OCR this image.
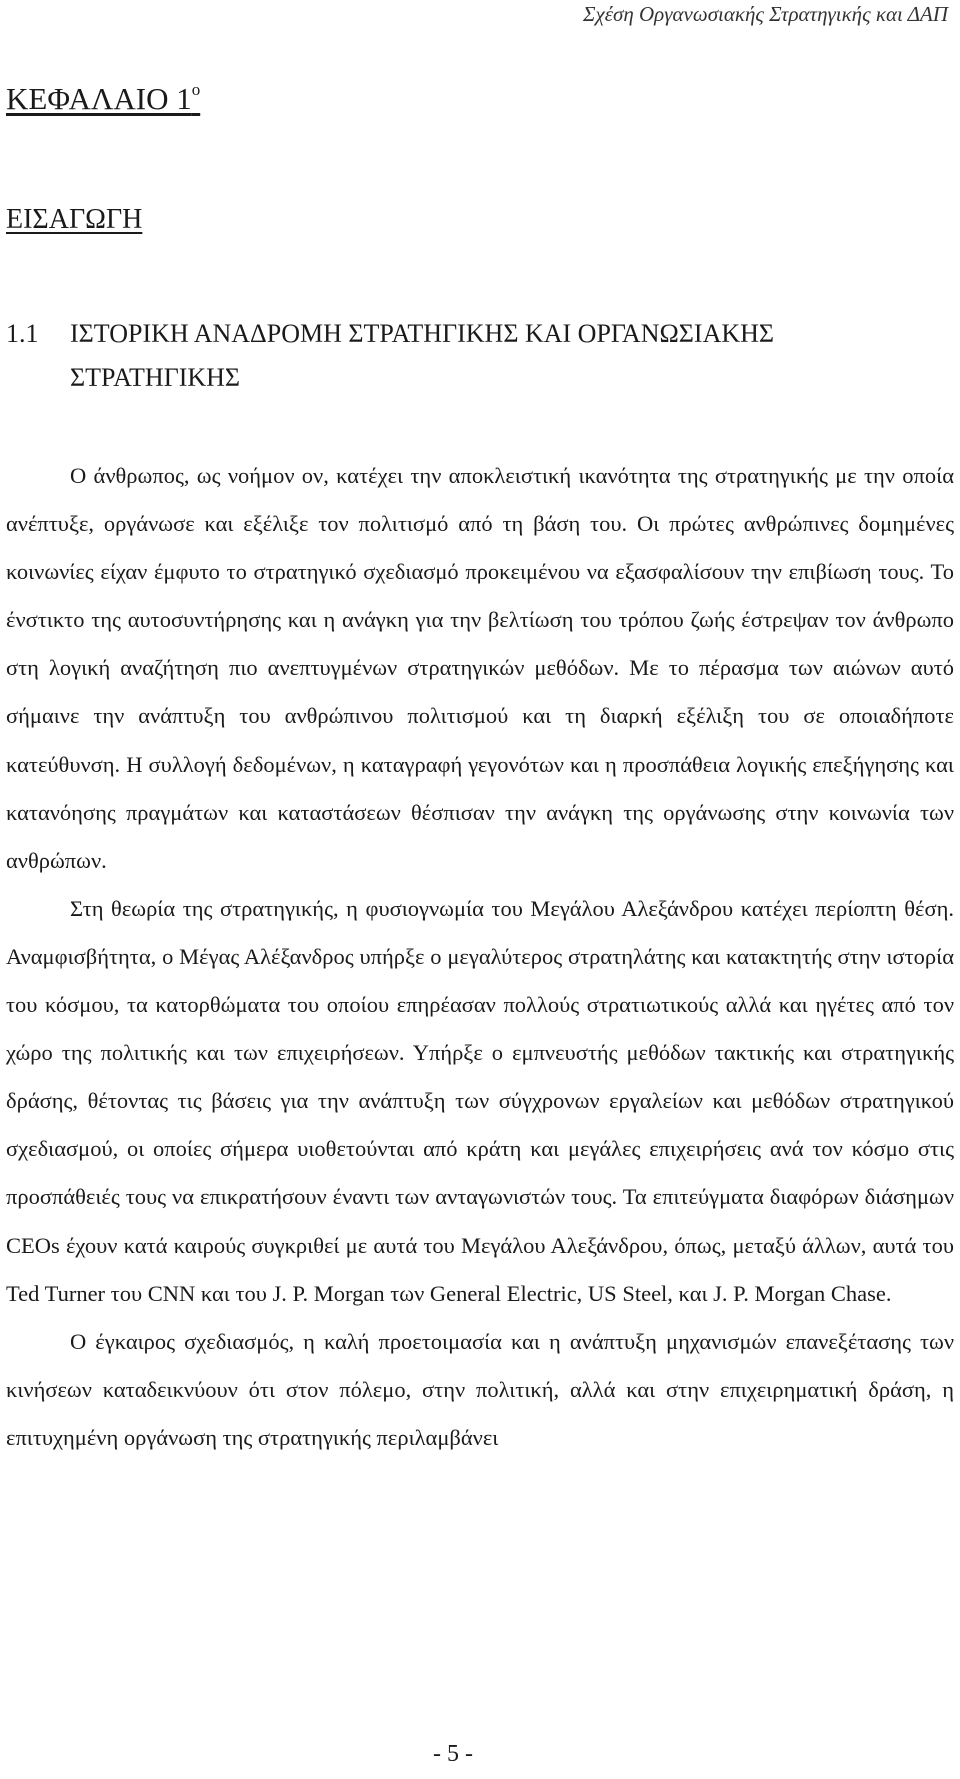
Σχέση Οργανωσιακής Στρατηγικής και ΔΑΠ
ΚΕΦΑΛΑΙΟ $1^o$
ΕΙΣΑΓΩΓΗ
1.1 ΙΣΤΟΡΙΚΗ ΑΝΑΔΡΟΜΗ ΣΤΡΑΤΗΓΙΚΗΣ ΚΑΙ ΟΡΓΑΝΩΣΙΑΚΗΣ
ΣΤΡΑΤΗΓΙΚΗΣ

Ο άνθρωπος, ως νοήμον ον, κατέχει την αποκλειστική ικανότητα της στρατηγικής με την οποία ανέπτυξε, οργάνωσε και εξέλιξε τον πολιτισμό από τη βάση του. Οι πρώτες ανθρώπινες δομημένες κοινωνίες είχαν έμφυτο το στρατηγικό σχεδιασμό προκειμένου να εξασφαλίσουν την επιβίωση τους. Το ένστικτο της αυτοσυντήρησης και η ανάγκη για την βελτίωση του τρόπου ζωής έστρεψαν τον άνθρωπο στη λογική αναζήτηση πιο ανεπτυγμένων στρατηγικών μεθόδων. Με το πέρασμα των αιώνων αυτό σήμαινε την ανάπτυξη του ανθρώπινου πολιτισμού και τη διαρκή εξέλιξη του σε οποιαδήποτε κατεύθυνση. Η συλλογή δεδομένων, η καταγραφή γεγονότων και η προσπάθεια λογικής επεξήγησης και κατανόησης πραγμάτων και καταστάσεων θέσπισαν την ανάγκη της οργάνωσης στην κοινωνία των ανθρώπων.

Στη θεωρία της στρατηγικής, η φυσιογνωμία του Μεγάλου Αλεξάνδρου κατέχει περίοπτη θέση. Αναμφισβήτητα, ο Μέγας Αλέξανδρος υπήρξε ο μεγαλύτερος στρατηλάτης και κατακτητής στην ιστορία του κόσμου, τα κατορθώματα του οποίου επηρέασαν πολλούς στρατιωτικούς αλλά και ηγέτες από τον χώρο της πολιτικής και των επιχειρήσεων. Υπήρξε ο εμπνευστής μεθόδων τακτικής και στρατηγικής δράσης, θέτοντας τις βάσεις για την ανάπτυξη των σύγχρονων εργαλείων και μεθόδων στρατηγικού σχεδιασμού, οι οποίες σήμερα υιοθετούνται από κράτη και μεγάλες επιχειρήσεις ανά τον κόσμο στις προσπάθειές τους να επικρατήσουν έναντι των ανταγωνιστών τους. Τα επιτεύγματα διαφόρων διάσημων CEOs έχουν κατά καιρούς συγκριθεί με αυτά του Μεγάλου Αλεξάνδρου, όπως, μεταξύ άλλων, αυτά του Ted Turner του CNN και του J. P. Morgan των General Electric, US Steel, και J. P. Morgan Chase.

Ο έγκαιρος σχεδιασμός, η καλή προετοιμασία και η ανάπτυξη μηχανισμών επανεξέτασης των κινήσεων καταδεικνύουν ότι στον πόλεμο, στην πολιτική, αλλά και στην επιχειρηματική δράση, η επιτυχημένη οργάνωση της στρατηγικής περιλαμβάνει

- 5 -
